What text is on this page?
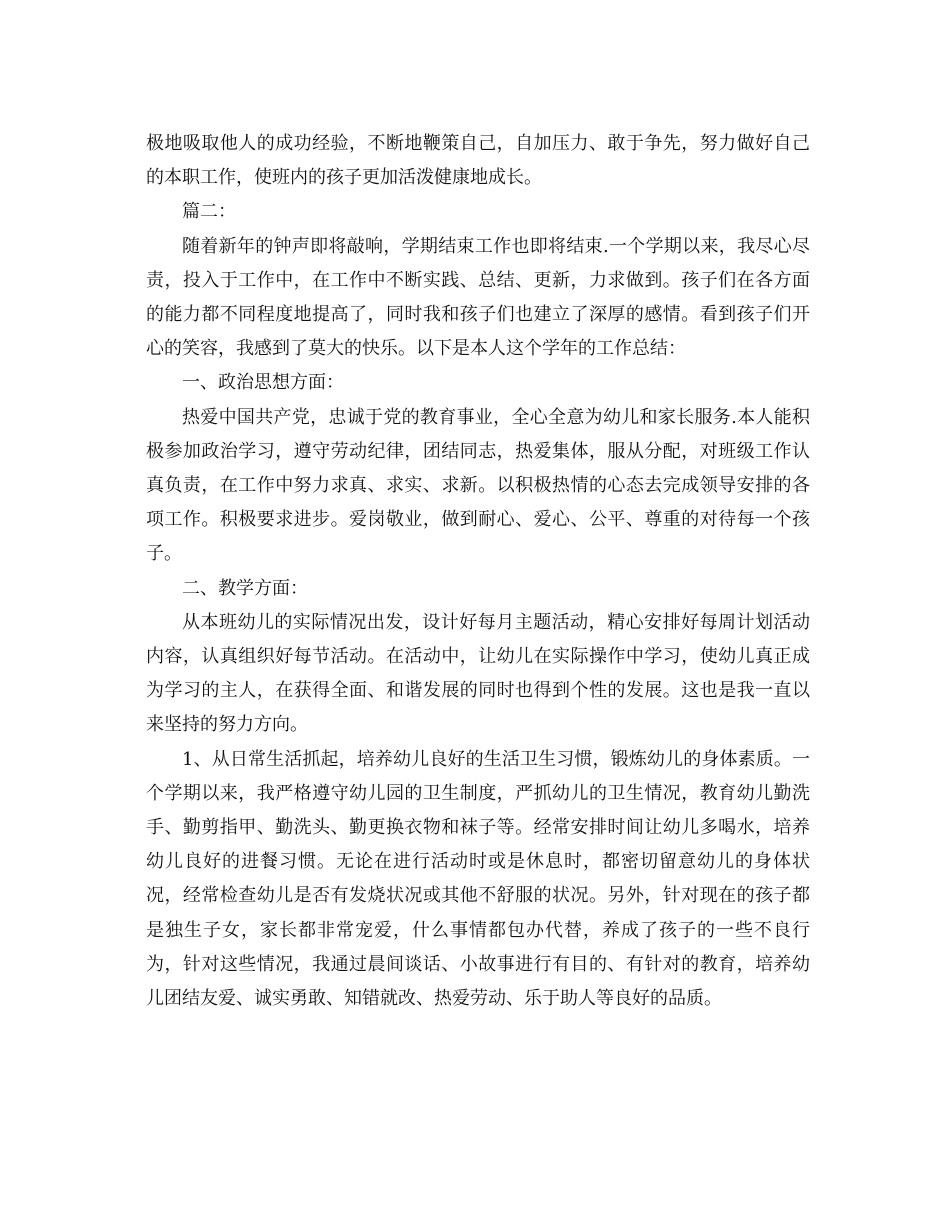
极地吸取他人的成功经验，不断地鞭策自己，自加压力、敢于争先，努力做好自己的本职工作，使班内的孩子更加活泼健康地成长。

篇二：

随着新年的钟声即将敲响，学期结束工作也即将结束.一个学期以来，我尽心尽责，投入于工作中，在工作中不断实践、总结、更新，力求做到。孩子们在各方面的能力都不同程度地提高了，同时我和孩子们也建立了深厚的感情。看到孩子们开心的笑容，我感到了莫大的快乐。以下是本人这个学年的工作总结：

一、政治思想方面：

热爱中国共产党，忠诚于党的教育事业，全心全意为幼儿和家长服务.本人能积极参加政治学习，遵守劳动纪律，团结同志，热爱集体，服从分配，对班级工作认真负责，在工作中努力求真、求实、求新。以积极热情的心态去完成领导安排的各项工作。积极要求进步。爱岗敬业，做到耐心、爱心、公平、尊重的对待每一个孩子。

二、教学方面：

从本班幼儿的实际情况出发，设计好每月主题活动，精心安排好每周计划活动内容，认真组织好每节活动。在活动中，让幼儿在实际操作中学习，使幼儿真正成为学习的主人，在获得全面、和谐发展的同时也得到个性的发展。这也是我一直以来坚持的努力方向。

1、从日常生活抓起，培养幼儿良好的生活卫生习惯，锻炼幼儿的身体素质。一个学期以来，我严格遵守幼儿园的卫生制度，严抓幼儿的卫生情况，教育幼儿勤洗手、勤剪指甲、勤洗头、勤更换衣物和袜子等。经常安排时间让幼儿多喝水，培养幼儿良好的进餐习惯。无论在进行活动时或是休息时，都密切留意幼儿的身体状况，经常检查幼儿是否有发烧状况或其他不舒服的状况。另外，针对现在的孩子都是独生子女，家长都非常宠爱，什么事情都包办代替，养成了孩子的一些不良行为，针对这些情况，我通过晨间谈话、小故事进行有目的、有针对的教育，培养幼儿团结友爱、诚实勇敢、知错就改、热爱劳动、乐于助人等良好的品质。
